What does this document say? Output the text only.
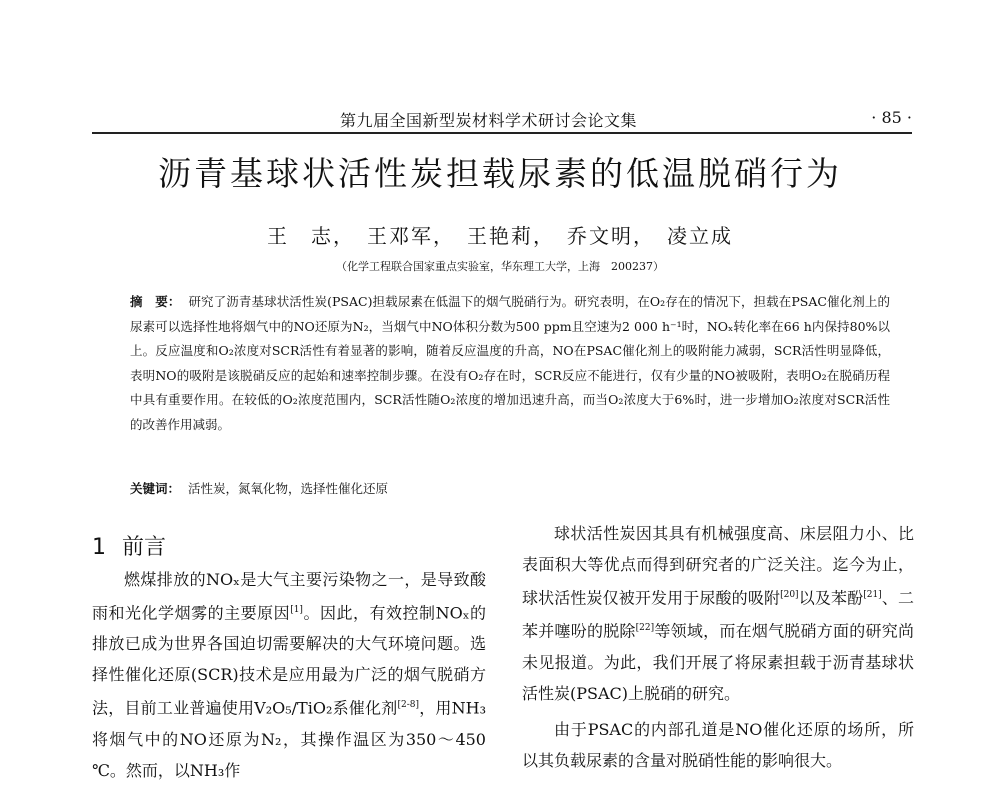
第九届全国新型炭材料学术研讨会论文集	· 85 ·
沥青基球状活性炭担载尿素的低温脱硝行为
王　志，　王邓军，　王艳莉，　乔文明，　凌立成
（化学工程联合国家重点实验室，华东理工大学，上海　200237）
摘　要： 研究了沥青基球状活性炭(PSAC)担载尿素在低温下的烟气脱硝行为。研究表明，在O₂存在的情况下，担载在PSAC催化剂上的尿素可以选择性地将烟气中的NO还原为N₂，当烟气中NO体积分数为500 ppm且空速为2 000 h⁻¹时，NOₓ转化率在66 h内保持80%以上。反应温度和O₂浓度对SCR活性有着显著的影响，随着反应温度的升高，NO在PSAC催化剂上的吸附能力减弱，SCR活性明显降低，表明NO的吸附是该脱硝反应的起始和速率控制步骤。在没有O₂存在时，SCR反应不能进行，仅有少量的NO被吸附，表明O₂在脱硝历程中具有重要作用。在较低的O₂浓度范围内，SCR活性随O₂浓度的增加迅速升高，而当O₂浓度大于6%时，进一步增加O₂浓度对SCR活性的改善作用减弱。
关键词： 活性炭，氮氧化物，选择性催化还原
1 前言

燃煤排放的NOₓ是大气主要污染物之一，是导致酸雨和光化学烟雾的主要原因[1]。因此，有效控制NOₓ的排放已成为世界各国迫切需要解决的大气环境问题。选择性催化还原(SCR)技术是应用最为广泛的烟气脱硝方法，目前工业普遍使用V₂O₅/TiO₂系催化剂[2-8]，用NH₃将烟气中的NO还原为N₂，其操作温区为350～450 ℃。然而，以NH₃作

球状活性炭因其具有机械强度高、床层阻力小、比表面积大等优点而得到研究者的广泛关注。迄今为止，球状活性炭仅被开发用于尿酸的吸附[20]以及苯酚[21]、二苯并噻吩的脱除[22]等领域，而在烟气脱硝方面的研究尚未见报道。为此，我们开展了将尿素担载于沥青基球状活性炭(PSAC)上脱硝的研究。

由于PSAC的内部孔道是NO催化还原的场所，所以其负载尿素的含量对脱硝性能的影响很大。
